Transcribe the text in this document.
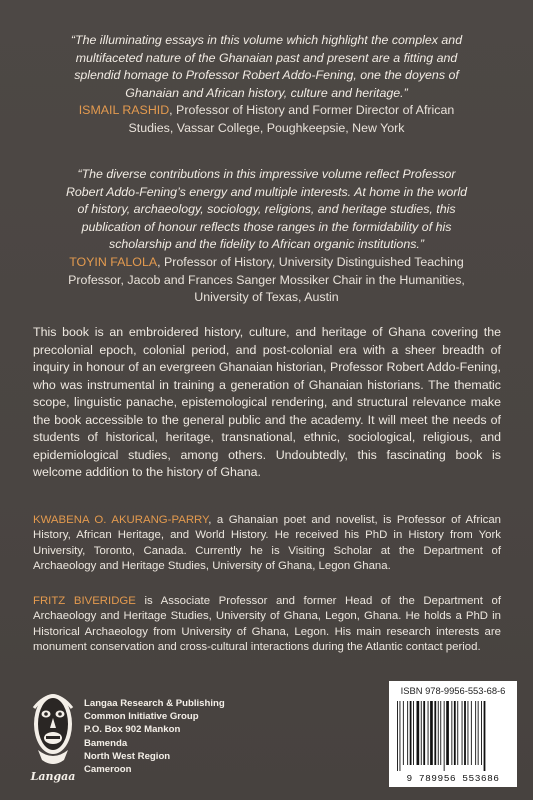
“The illuminating essays in this volume which highlight the complex and
multifaceted nature of the Ghanaian past and present are a fitting and
splendid homage to Professor Robert Addo-Fening, one the doyens of
Ghanaian and African history, culture and heritage.”

ISMAIL RASHID, Professor of History and Former Director of African
Studies, Vassar College, Poughkeepsie, New York

“The diverse contributions in this impressive volume reflect Professor
Robert Addo-Fening’s energy and multiple interests. At home in the world
of history, archaeology, sociology, religions, and heritage studies, this
publication of honour reflects those ranges in the formidability of his
scholarship and the fidelity to African organic institutions.”

TOYIN FALOLA, Professor of History, University Distinguished Teaching
Professor, Jacob and Frances Sanger Mossiker Chair in the Humanities,
University of Texas, Austin

This book is an embroidered history, culture, and heritage of Ghana covering the precolonial epoch, colonial period, and post-colonial era with a sheer breadth of inquiry in honour of an evergreen Ghanaian historian, Professor Robert Addo-Fening, who was instrumental in training a generation of Ghanaian historians. The thematic scope, linguistic panache, epistemological rendering, and structural relevance make the book accessible to the general public and the academy. It will meet the needs of students of historical, heritage, transnational, ethnic, sociological, religious, and epidemiological studies, among others. Undoubtedly, this fascinating book is welcome addition to the history of Ghana.

KWABENA O. AKURANG-PARRY, a Ghanaian poet and novelist, is Professor of African History, African Heritage, and World History. He received his PhD in History from York University, Toronto, Canada. Currently he is Visiting Scholar at the Department of Archaeology and Heritage Studies, University of Ghana, Legon Ghana.

FRITZ BIVERIDGE is Associate Professor and former Head of the Department of Archaeology and Heritage Studies, University of Ghana, Legon, Ghana. He holds a PhD in Historical Archaeology from University of Ghana, Legon. His main research interests are monument conservation and cross-cultural interactions during the Atlantic contact period.

Langaa
Langaa Research & Publishing
Common Initiative Group
P.O. Box 902 Mankon
Bamenda
North West Region
Cameroon
ISBN 978-9956-553-68-6
9 789956 553686
